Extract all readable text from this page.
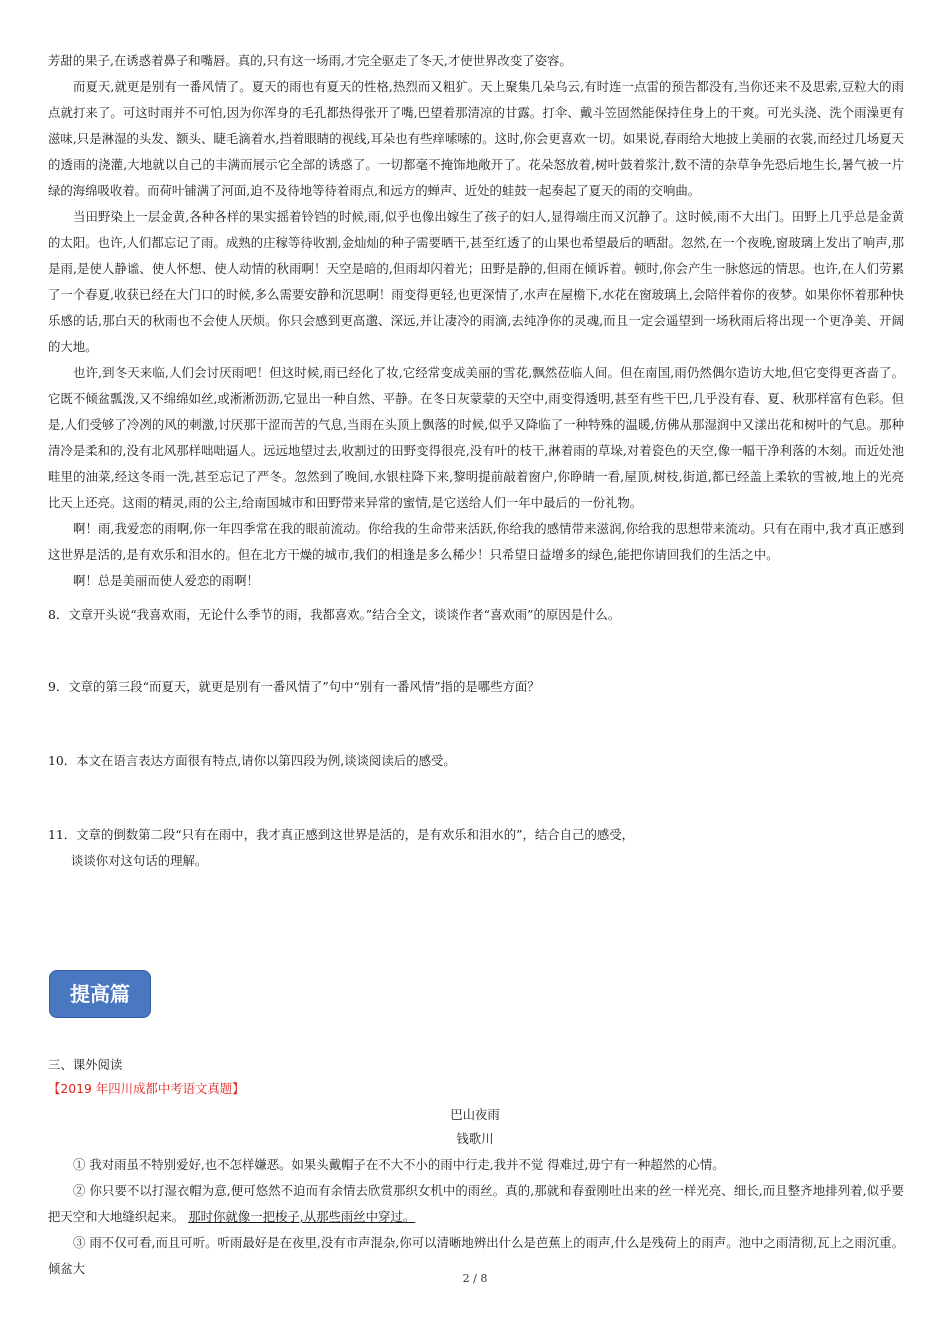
芳甜的果子,在诱惑着鼻子和嘴唇。真的,只有这一场雨,才完全驱走了冬天,才使世界改变了姿容。

而夏天,就更是别有一番风情了。夏天的雨也有夏天的性格,热烈而又粗犷。天上聚集几朵乌云,有时连一点雷的预告都没有,当你还来不及思索,豆粒大的雨点就打来了。可这时雨并不可怕,因为你浑身的毛孔都热得张开了嘴,巴望着那清凉的甘露。打伞、戴斗笠固然能保持住身上的干爽。可光头浇、洗个雨澡更有滋味,只是淋湿的头发、额头、睫毛滴着水,挡着眼睛的视线,耳朵也有些痒嗦嗦的。这时,你会更喜欢一切。如果说,春雨给大地披上美丽的衣裳,而经过几场夏天的透雨的浇灌,大地就以自己的丰满而展示它全部的诱惑了。一切都毫不掩饰地敞开了。花朵怒放着,树叶鼓着浆汁,数不清的杂草争先恐后地生长,暑气被一片绿的海绵吸收着。而荷叶铺满了河面,迫不及待地等待着雨点,和远方的蝉声、近处的蛙鼓一起奏起了夏天的雨的交响曲。

当田野染上一层金黄,各种各样的果实摇着铃铛的时候,雨,似乎也像出嫁生了孩子的妇人,显得端庄而又沉静了。这时候,雨不大出门。田野上几乎总是金黄的太阳。也许,人们都忘记了雨。成熟的庄稼等待收割,金灿灿的种子需要晒干,甚至红透了的山果也希望最后的晒甜。忽然,在一个夜晚,窗玻璃上发出了响声,那是雨,是使人静谧、使人怀想、使人动情的秋雨啊！天空是暗的,但雨却闪着光；田野是静的,但雨在倾诉着。顿时,你会产生一脉悠远的情思。也许,在人们劳累了一个春夏,收获已经在大门口的时候,多么需要安静和沉思啊！雨变得更轻,也更深情了,水声在屋檐下,水花在窗玻璃上,会陪伴着你的夜梦。如果你怀着那种快乐感的话,那白天的秋雨也不会使人厌烦。你只会感到更高邈、深远,并让凄冷的雨滴,去纯净你的灵魂,而且一定会遥望到一场秋雨后将出现一个更净美、开阔的大地。

也许,到冬天来临,人们会讨厌雨吧！但这时候,雨已经化了妆,它经常变成美丽的雪花,飘然莅临人间。但在南国,雨仍然偶尔造访大地,但它变得更吝啬了。它既不倾盆瓢泼,又不绵绵如丝,或淅淅沥沥,它显出一种自然、平静。在冬日灰蒙蒙的天空中,雨变得透明,甚至有些干巴,几乎没有春、夏、秋那样富有色彩。但是,人们受够了冷冽的风的刺激,讨厌那干涩而苦的气息,当雨在头顶上飘落的时候,似乎又降临了一种特殊的温暖,仿佛从那湿润中又漾出花和树叶的气息。那种清冷是柔和的,没有北风那样咄咄逼人。远远地望过去,收割过的田野变得很亮,没有叶的枝干,淋着雨的草垛,对着瓷色的天空,像一幅干净利落的木刻。而近处池畦里的油菜,经这冬雨一洗,甚至忘记了严冬。忽然到了晚间,水银柱降下来,黎明提前敲着窗户,你睁睛一看,屋顶,树枝,街道,都已经盖上柔软的雪被,地上的光亮比天上还亮。这雨的精灵,雨的公主,给南国城市和田野带来异常的蜜情,是它送给人们一年中最后的一份礼物。

啊！雨,我爱恋的雨啊,你一年四季常在我的眼前流动。你给我的生命带来活跃,你给我的感情带来滋润,你给我的思想带来流动。只有在雨中,我才真正感到这世界是活的,是有欢乐和泪水的。但在北方干燥的城市,我们的相逢是多么稀少！只希望日益增多的绿色,能把你请回我们的生活之中。

啊！总是美丽而使人爱恋的雨啊！

8．文章开头说“我喜欢雨，无论什么季节的雨，我都喜欢。”结合全文，谈谈作者“喜欢雨”的原因是什么。
9．文章的第三段“而夏天，就更是别有一番风情了”句中“别有一番风情”指的是哪些方面？
10．本文在语言表达方面很有特点,请你以第四段为例,谈谈阅读后的感受。
11．文章的倒数第二段“只有在雨中，我才真正感到这世界是活的，是有欢乐和泪水的”，结合自己的感受，
谈谈你对这句话的理解。
提高篇
三、课外阅读
【2019 年四川成都中考语文真题】
巴山夜雨
钱歌川

① 我对雨虽不特别爱好,也不怎样嫌恶。如果头戴帽子在不大不小的雨中行走,我并不觉 得难过,毋宁有一种超然的心情。

② 你只要不以打湿衣帽为意,便可悠然不迫而有余情去欣赏那织女机中的雨丝。真的,那就和春蚕刚吐出来的丝一样光亮、细长,而且整齐地排列着,似乎要把天空和大地缝织起来。 那时你就像一把梭子,从那些雨丝中穿过。

③ 雨不仅可看,而且可听。听雨最好是在夜里,没有市声混杂,你可以清晰地辨出什么是芭蕉上的雨声,什么是残荷上的雨声。池中之雨清彻,瓦上之雨沉重。倾盆大

2 / 8
